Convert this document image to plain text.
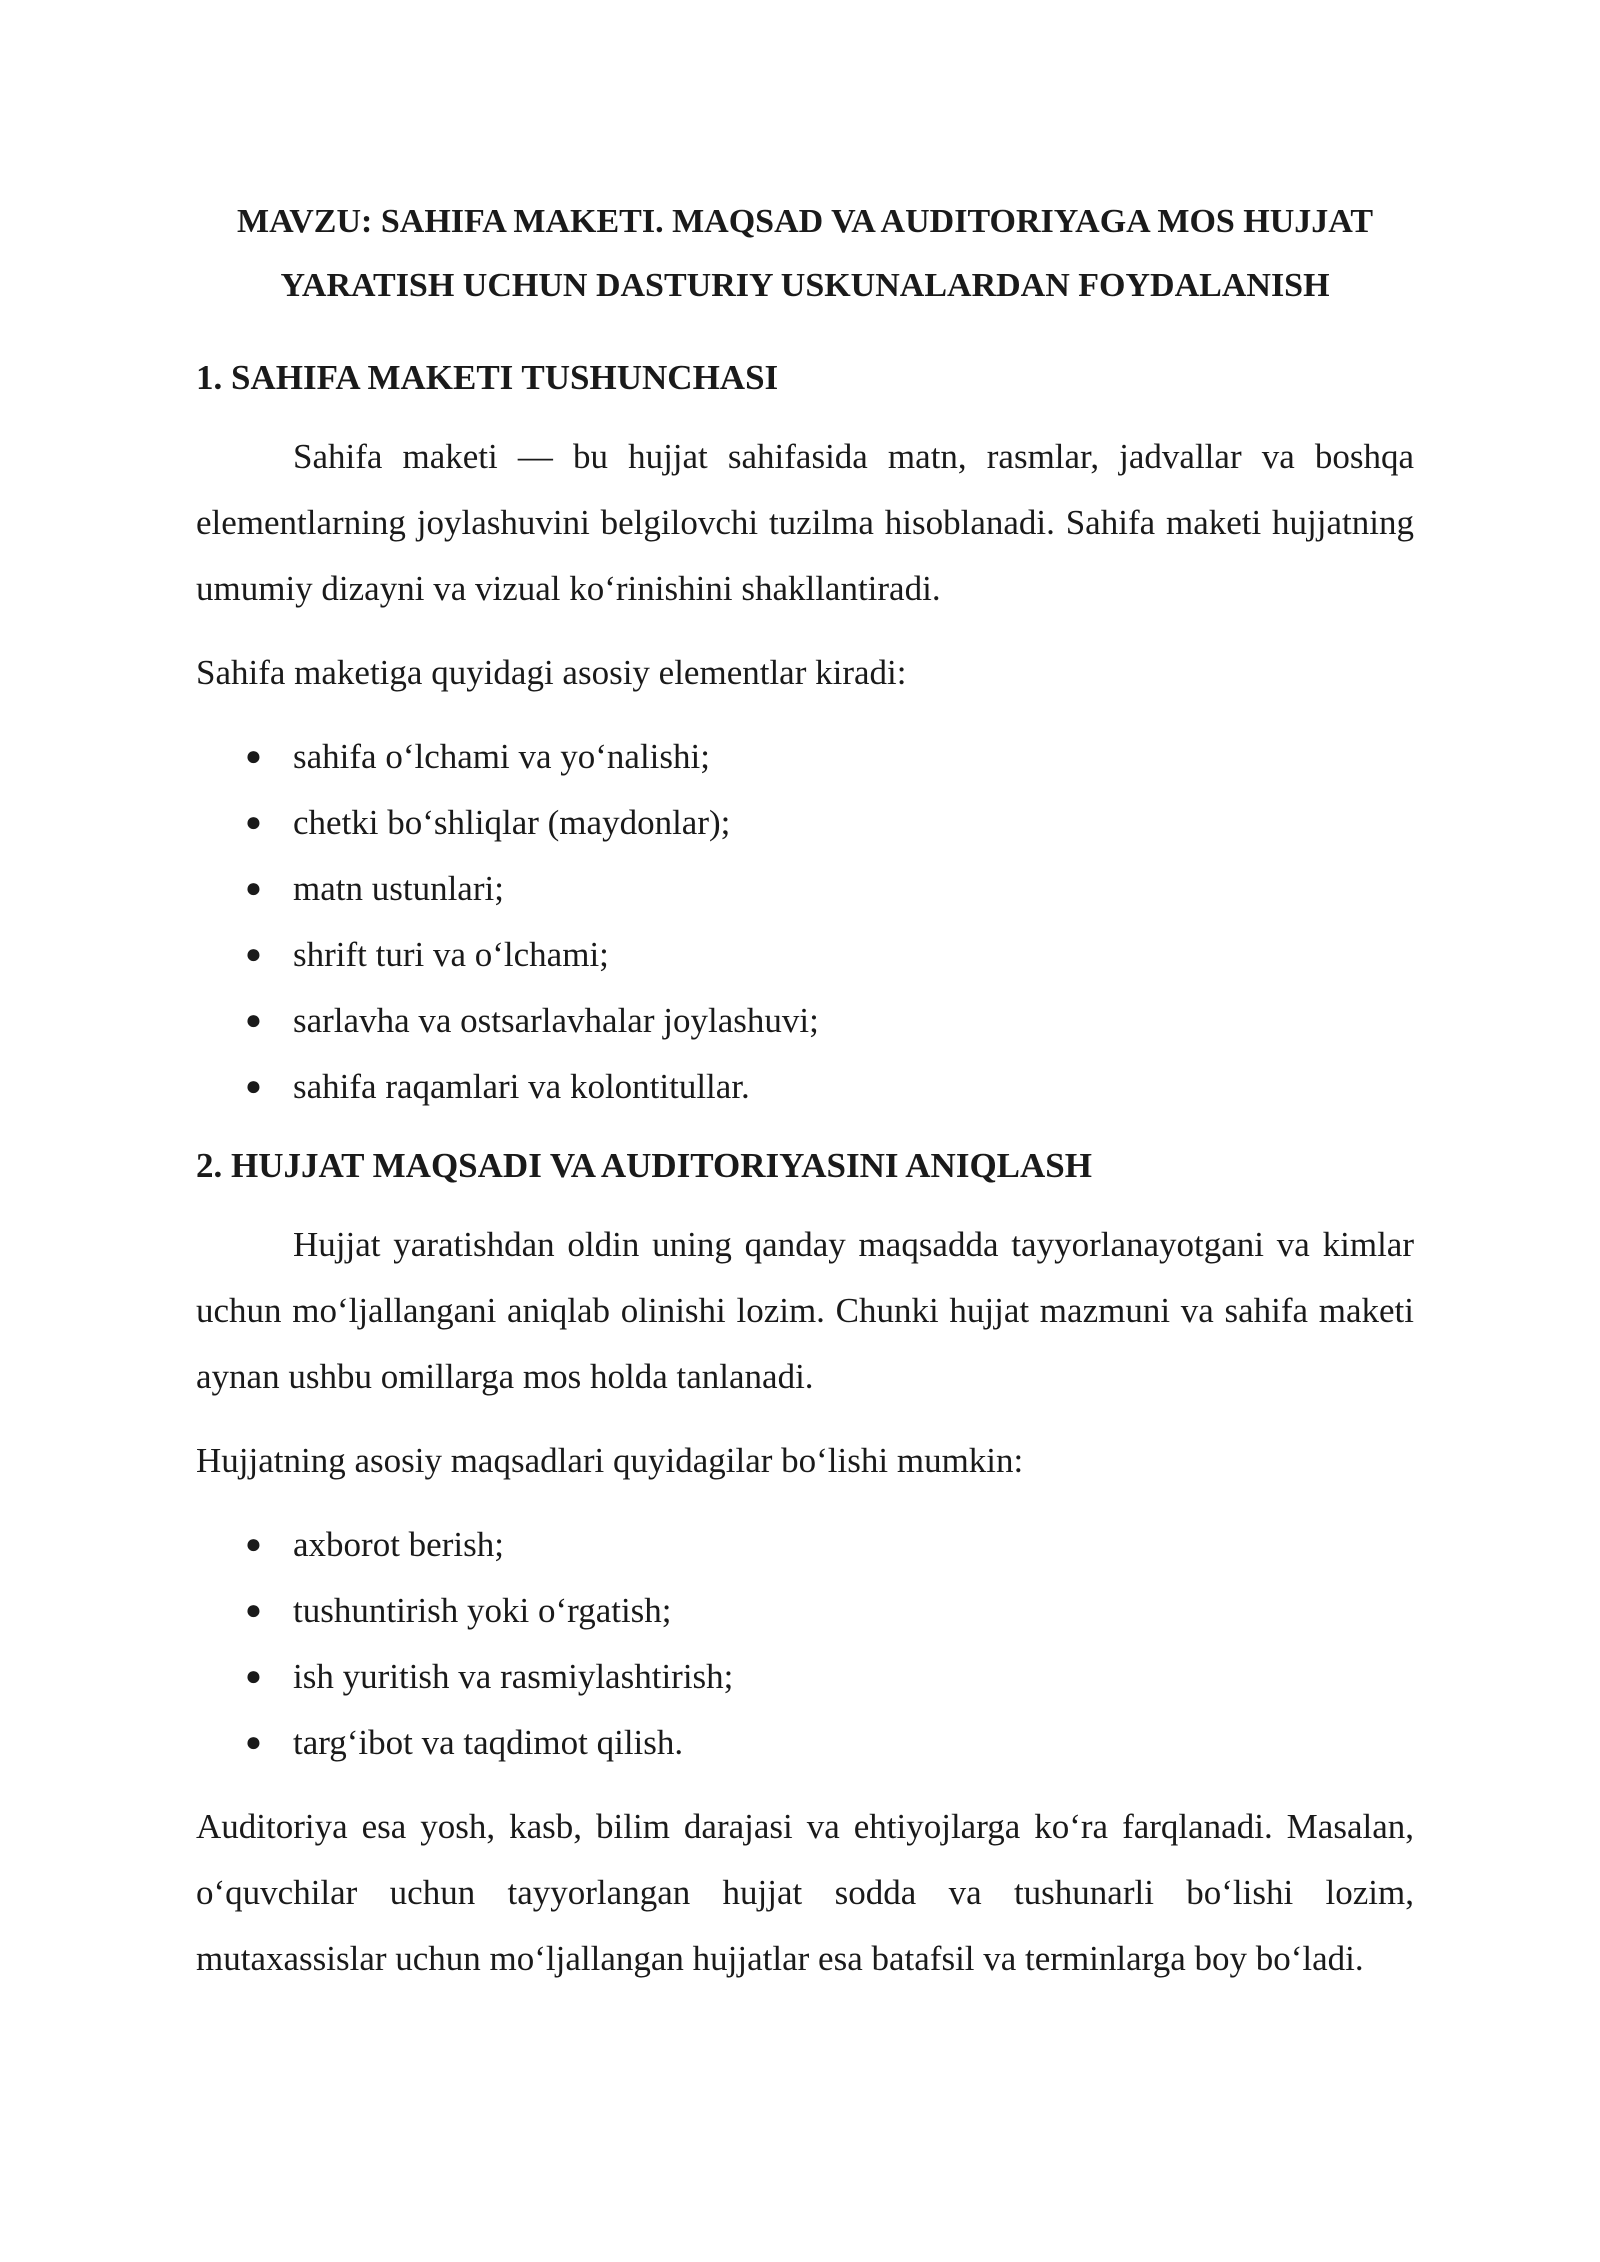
MAVZU: SAHIFA MAKETI. MAQSAD VA AUDITORIYAGA MOS HUJJAT
YARATISH UCHUN DASTURIY USKUNALARDAN FOYDALANISH
1. SAHIFA MAKETI TUSHUNCHASI

Sahifa maketi — bu hujjat sahifasida matn, rasmlar, jadvallar va boshqa elementlarning joylashuvini belgilovchi tuzilma hisoblanadi. Sahifa maketi hujjatning umumiy dizayni va vizual ko‘rinishini shakllantiradi.

Sahifa maketiga quyidagi asosiy elementlar kiradi:

● sahifa o‘lchami va yo‘nalishi;
● chetki bo‘shliqlar (maydonlar);
● matn ustunlari;
● shrift turi va o‘lchami;
● sarlavha va ostsarlavhalar joylashuvi;
● sahifa raqamlari va kolontitullar.
2. HUJJAT MAQSADI VA AUDITORIYASINI ANIQLASH

Hujjat yaratishdan oldin uning qanday maqsadda tayyorlanayotgani va kimlar uchun mo‘ljallangani aniqlab olinishi lozim. Chunki hujjat mazmuni va sahifa maketi aynan ushbu omillarga mos holda tanlanadi.

Hujjatning asosiy maqsadlari quyidagilar bo‘lishi mumkin:

● axborot berish;
● tushuntirish yoki o‘rgatish;
● ish yuritish va rasmiylashtirish;
● targ‘ibot va taqdimot qilish.

Auditoriya esa yosh, kasb, bilim darajasi va ehtiyojlarga ko‘ra farqlanadi. Masalan, o‘quvchilar uchun tayyorlangan hujjat sodda va tushunarli bo‘lishi lozim, mutaxassislar uchun mo‘ljallangan hujjatlar esa batafsil va terminlarga boy bo‘ladi.
